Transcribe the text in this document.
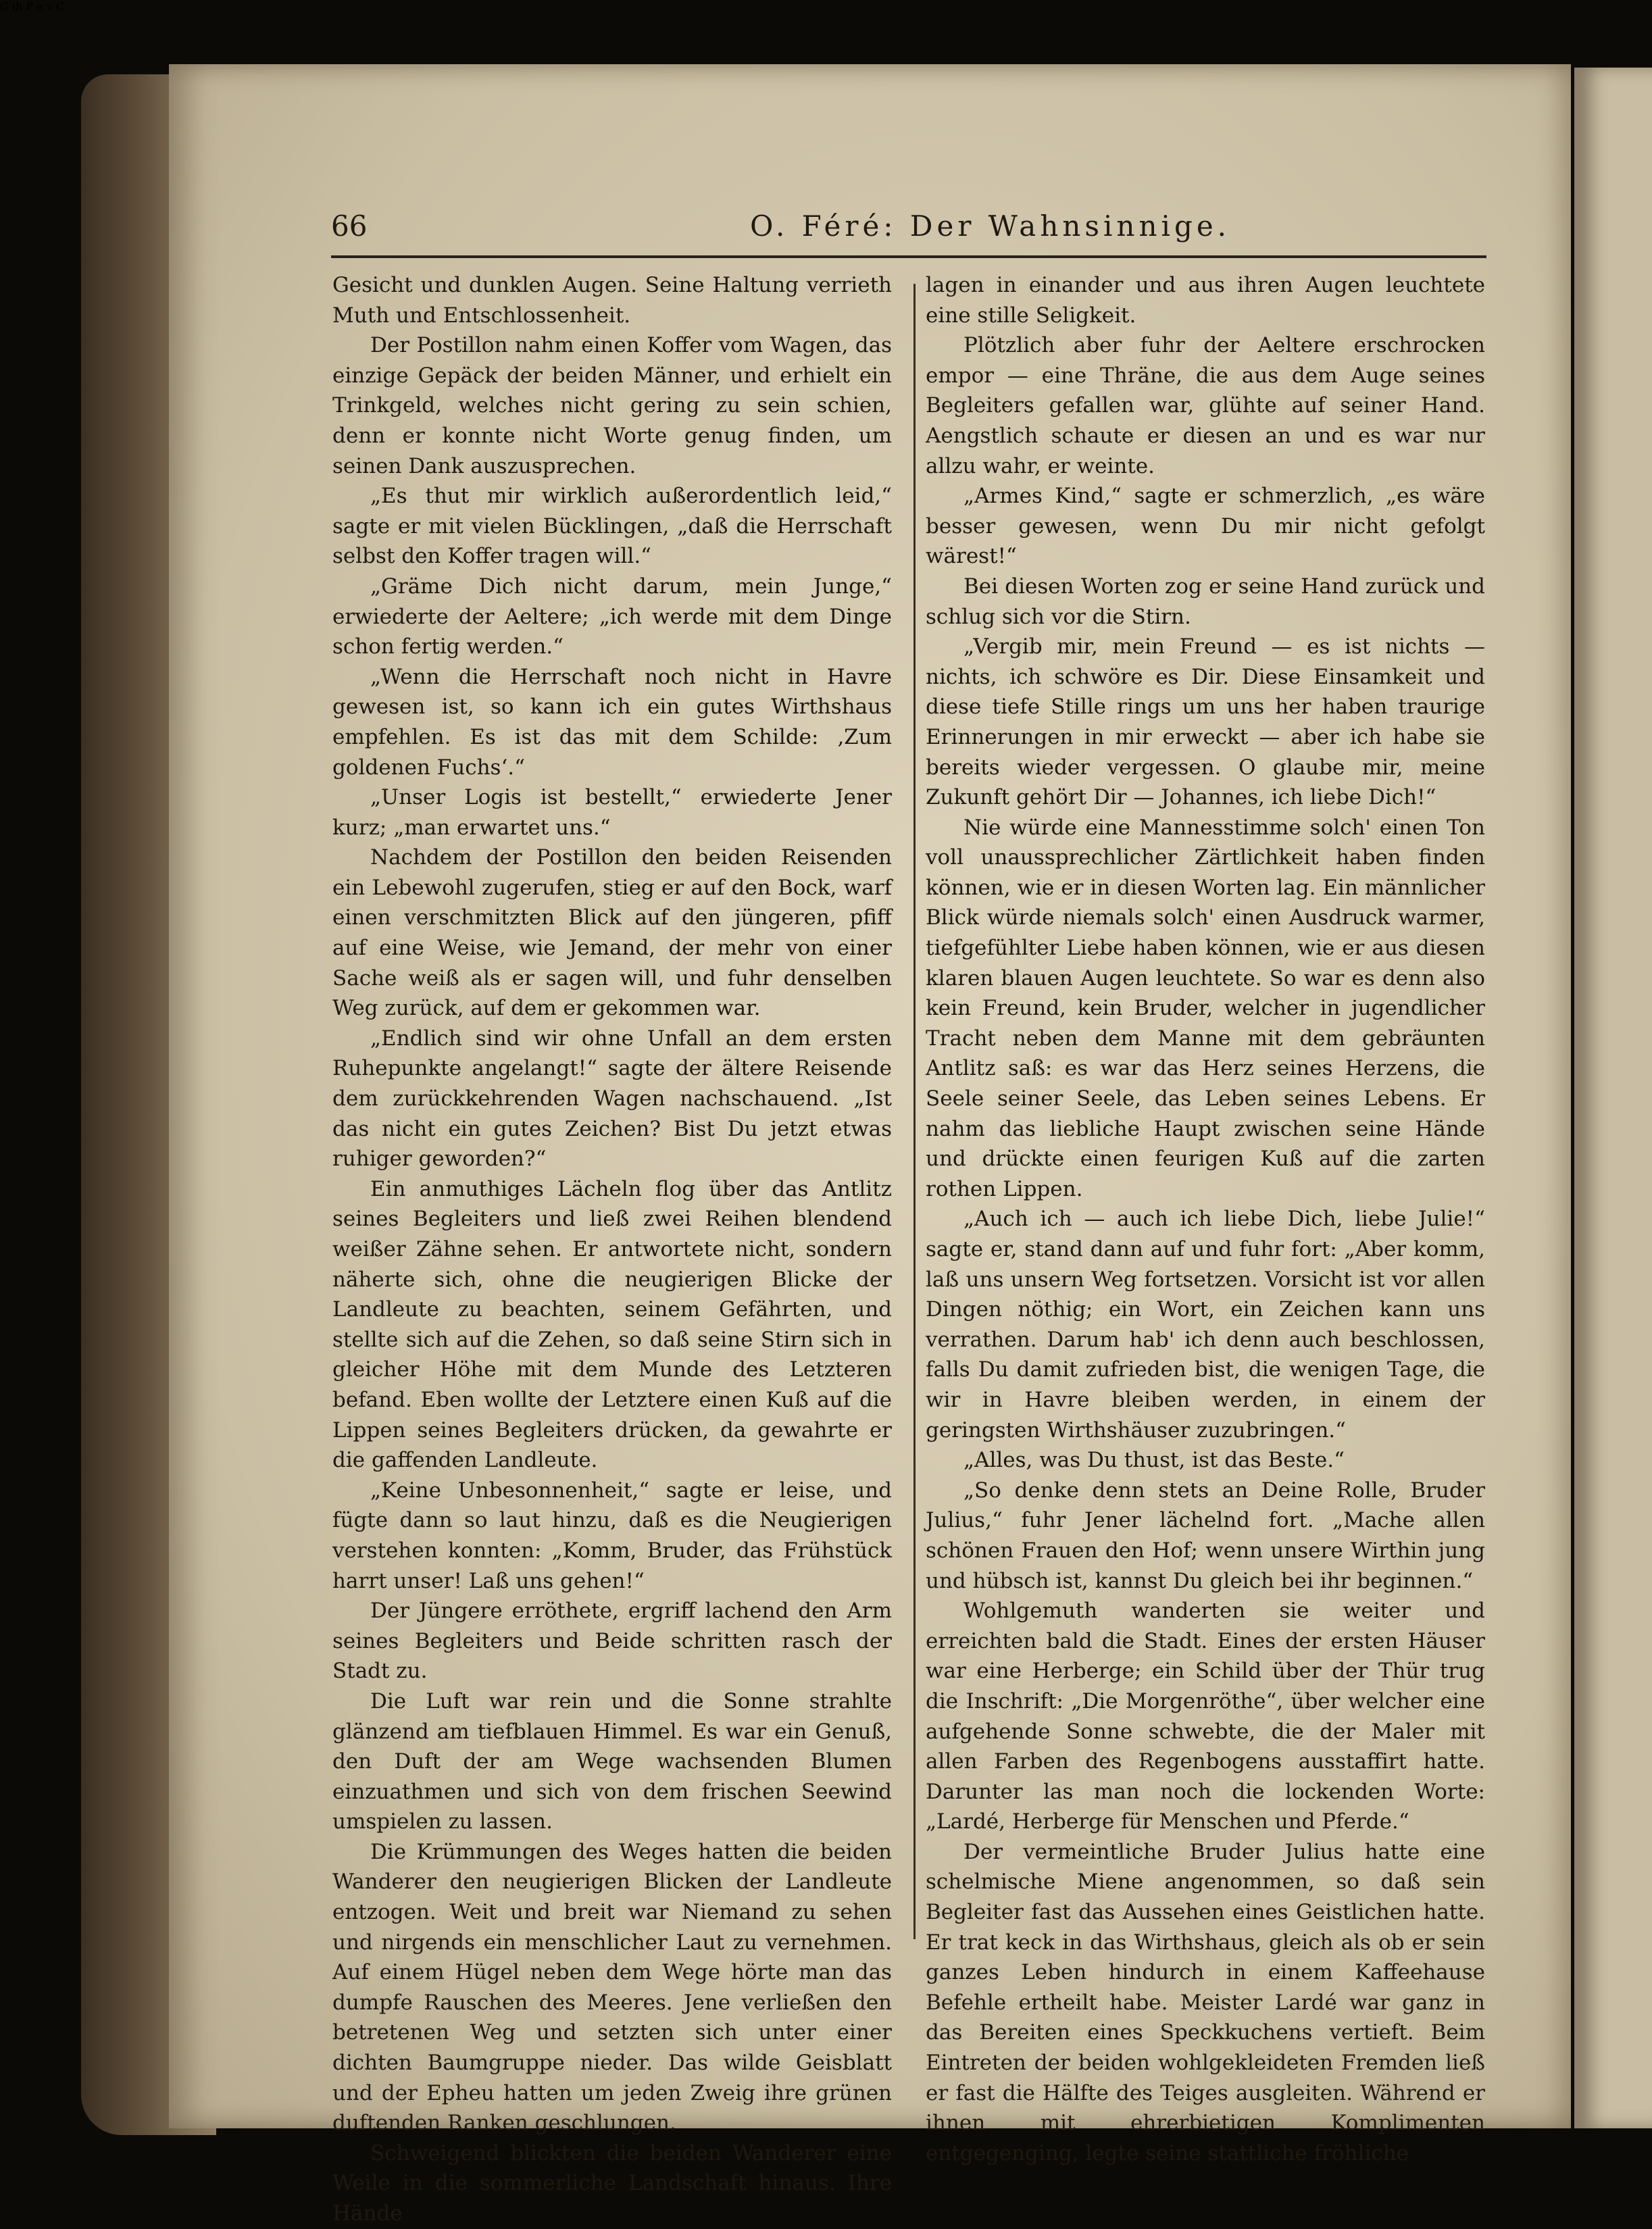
G ih P e v C
66	O. Féré: Der Wahnsinnige.

Gesicht und dunklen Augen. Seine Haltung verrieth Muth und Entschlossenheit.

Der Postillon nahm einen Koffer vom Wagen, das einzige Gepäck der beiden Männer, und erhielt ein Trinkgeld, welches nicht gering zu sein schien, denn er konnte nicht Worte genug finden, um seinen Dank auszusprechen.

„Es thut mir wirklich außerordentlich leid,“ sagte er mit vielen Bücklingen, „daß die Herrschaft selbst den Koffer tragen will.“

„Gräme Dich nicht darum, mein Junge,“ erwiederte der Aeltere; „ich werde mit dem Dinge schon fertig werden.“

„Wenn die Herrschaft noch nicht in Havre gewesen ist, so kann ich ein gutes Wirthshaus empfehlen. Es ist das mit dem Schilde: ‚Zum goldenen Fuchs‘.“

„Unser Logis ist bestellt,“ erwiederte Jener kurz; „man erwartet uns.“

Nachdem der Postillon den beiden Reisenden ein Lebewohl zugerufen, stieg er auf den Bock, warf einen verschmitzten Blick auf den jüngeren, pfiff auf eine Weise, wie Jemand, der mehr von einer Sache weiß als er sagen will, und fuhr denselben Weg zurück, auf dem er gekommen war.

„Endlich sind wir ohne Unfall an dem ersten Ruhepunkte angelangt!“ sagte der ältere Reisende dem zurückkehrenden Wagen nachschauend. „Ist das nicht ein gutes Zeichen? Bist Du jetzt etwas ruhiger geworden?“

Ein anmuthiges Lächeln flog über das Antlitz seines Begleiters und ließ zwei Reihen blendend weißer Zähne sehen. Er antwortete nicht, sondern näherte sich, ohne die neugierigen Blicke der Landleute zu beachten, seinem Gefährten, und stellte sich auf die Zehen, so daß seine Stirn sich in gleicher Höhe mit dem Munde des Letzteren befand. Eben wollte der Letztere einen Kuß auf die Lippen seines Begleiters drücken, da gewahrte er die gaffenden Landleute.

„Keine Unbesonnenheit,“ sagte er leise, und fügte dann so laut hinzu, daß es die Neugierigen verstehen konnten: „Komm, Bruder, das Frühstück harrt unser! Laß uns gehen!“

Der Jüngere erröthete, ergriff lachend den Arm seines Begleiters und Beide schritten rasch der Stadt zu.

Die Luft war rein und die Sonne strahlte glänzend am tiefblauen Himmel. Es war ein Genuß, den Duft der am Wege wachsenden Blumen einzuathmen und sich von dem frischen Seewind umspielen zu lassen.

Die Krümmungen des Weges hatten die beiden Wanderer den neugierigen Blicken der Landleute entzogen. Weit und breit war Niemand zu sehen und nirgends ein menschlicher Laut zu vernehmen. Auf einem Hügel neben dem Wege hörte man das dumpfe Rauschen des Meeres. Jene verließen den betretenen Weg und setzten sich unter einer dichten Baumgruppe nieder. Das wilde Geisblatt und der Epheu hatten um jeden Zweig ihre grünen duftenden Ranken geschlungen.

Schweigend blickten die beiden Wanderer eine Weile in die sommerliche Landschaft hinaus. Ihre Hände

lagen in einander und aus ihren Augen leuchtete eine stille Seligkeit.

Plötzlich aber fuhr der Aeltere erschrocken empor — eine Thräne, die aus dem Auge seines Begleiters gefallen war, glühte auf seiner Hand. Aengstlich schaute er diesen an und es war nur allzu wahr, er weinte.

„Armes Kind,“ sagte er schmerzlich, „es wäre besser gewesen, wenn Du mir nicht gefolgt wärest!“

Bei diesen Worten zog er seine Hand zurück und schlug sich vor die Stirn.

„Vergib mir, mein Freund — es ist nichts — nichts, ich schwöre es Dir. Diese Einsamkeit und diese tiefe Stille rings um uns her haben traurige Erinnerungen in mir erweckt — aber ich habe sie bereits wieder vergessen. O glaube mir, meine Zukunft gehört Dir — Johannes, ich liebe Dich!“

Nie würde eine Mannesstimme solch' einen Ton voll unaussprechlicher Zärtlichkeit haben finden können, wie er in diesen Worten lag. Ein männlicher Blick würde niemals solch' einen Ausdruck warmer, tiefgefühlter Liebe haben können, wie er aus diesen klaren blauen Augen leuchtete. So war es denn also kein Freund, kein Bruder, welcher in jugendlicher Tracht neben dem Manne mit dem gebräunten Antlitz saß: es war das Herz seines Herzens, die Seele seiner Seele, das Leben seines Lebens. Er nahm das liebliche Haupt zwischen seine Hände und drückte einen feurigen Kuß auf die zarten rothen Lippen.

„Auch ich — auch ich liebe Dich, liebe Julie!“ sagte er, stand dann auf und fuhr fort: „Aber komm, laß uns unsern Weg fortsetzen. Vorsicht ist vor allen Dingen nöthig; ein Wort, ein Zeichen kann uns verrathen. Darum hab' ich denn auch beschlossen, falls Du damit zufrieden bist, die wenigen Tage, die wir in Havre bleiben werden, in einem der geringsten Wirthshäuser zuzubringen.“

„Alles, was Du thust, ist das Beste.“

„So denke denn stets an Deine Rolle, Bruder Julius,“ fuhr Jener lächelnd fort. „Mache allen schönen Frauen den Hof; wenn unsere Wirthin jung und hübsch ist, kannst Du gleich bei ihr beginnen.“

Wohlgemuth wanderten sie weiter und erreichten bald die Stadt. Eines der ersten Häuser war eine Herberge; ein Schild über der Thür trug die Inschrift: „Die Morgenröthe“, über welcher eine aufgehende Sonne schwebte, die der Maler mit allen Farben des Regenbogens ausstaffirt hatte. Darunter las man noch die lockenden Worte: „Lardé, Herberge für Menschen und Pferde.“

Der vermeintliche Bruder Julius hatte eine schelmische Miene angenommen, so daß sein Begleiter fast das Aussehen eines Geistlichen hatte. Er trat keck in das Wirthshaus, gleich als ob er sein ganzes Leben hindurch in einem Kaffeehause Befehle ertheilt habe. Meister Lardé war ganz in das Bereiten eines Speckkuchens vertieft. Beim Eintreten der beiden wohlgekleideten Fremden ließ er fast die Hälfte des Teiges ausgleiten. Während er ihnen mit ehrerbietigen Komplimenten entgegenging, legte seine stattliche fröhliche
